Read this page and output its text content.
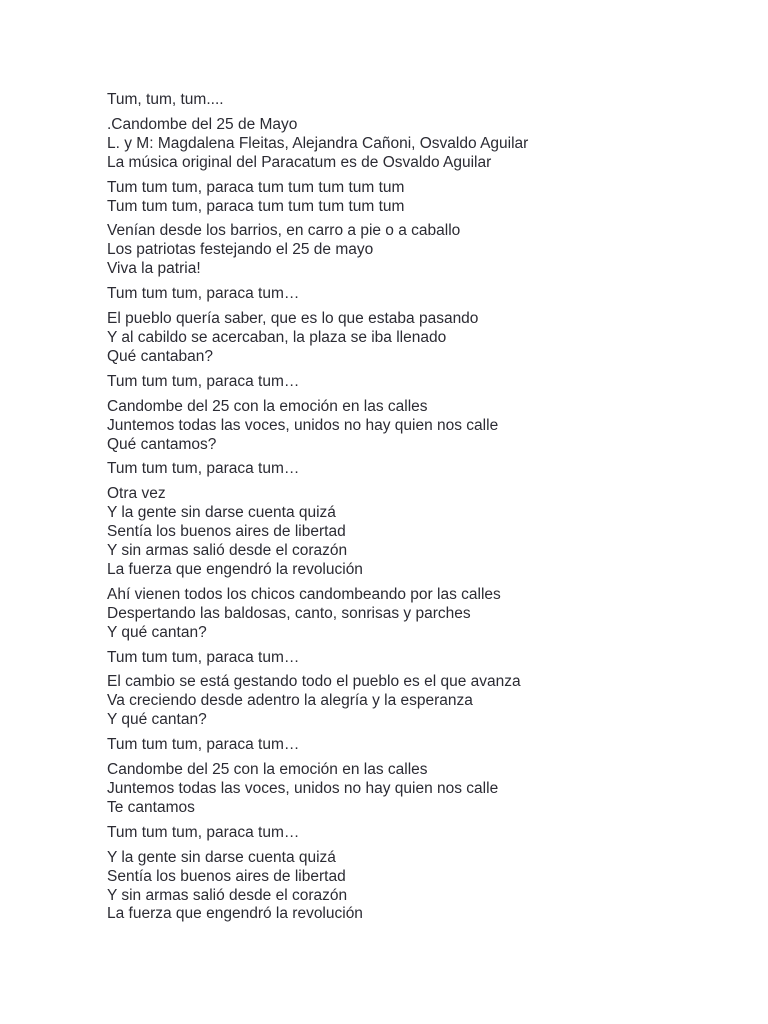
Tum, tum, tum....
.Candombe del 25 de Mayo
L. y M: Magdalena Fleitas, Alejandra Cañoni, Osvaldo Aguilar
La música original del Paracatum es de Osvaldo Aguilar
Tum tum tum, paraca tum tum tum tum tum
Tum tum tum, paraca tum tum tum tum tum
Venían desde los barrios, en carro a pie o a caballo
Los patriotas festejando el 25 de mayo
Viva la patria!
Tum tum tum, paraca tum…
El pueblo quería saber, que es lo que estaba pasando
Y al cabildo se acercaban, la plaza se iba llenado
Qué cantaban?
Tum tum tum, paraca tum…
Candombe del 25 con la emoción en las calles
Juntemos todas las voces, unidos no hay quien nos calle
Qué cantamos?
Tum tum tum, paraca tum…
Otra vez
Y la gente sin darse cuenta quizá
Sentía los buenos aires de libertad
Y sin armas salió desde el corazón
La fuerza que engendró la revolución
Ahí vienen todos los chicos candombeando por las calles
Despertando las baldosas, canto, sonrisas y parches
Y qué cantan?
Tum tum tum, paraca tum…
El cambio se está gestando todo el pueblo es el que avanza
Va creciendo desde adentro la alegría y la esperanza
Y qué cantan?
Tum tum tum, paraca tum…
Candombe del 25 con la emoción en las calles
Juntemos todas las voces, unidos no hay quien nos calle
Te cantamos
Tum tum tum, paraca tum…
Y la gente sin darse cuenta quizá
Sentía los buenos aires de libertad
Y sin armas salió desde el corazón
La fuerza que engendró la revolución
